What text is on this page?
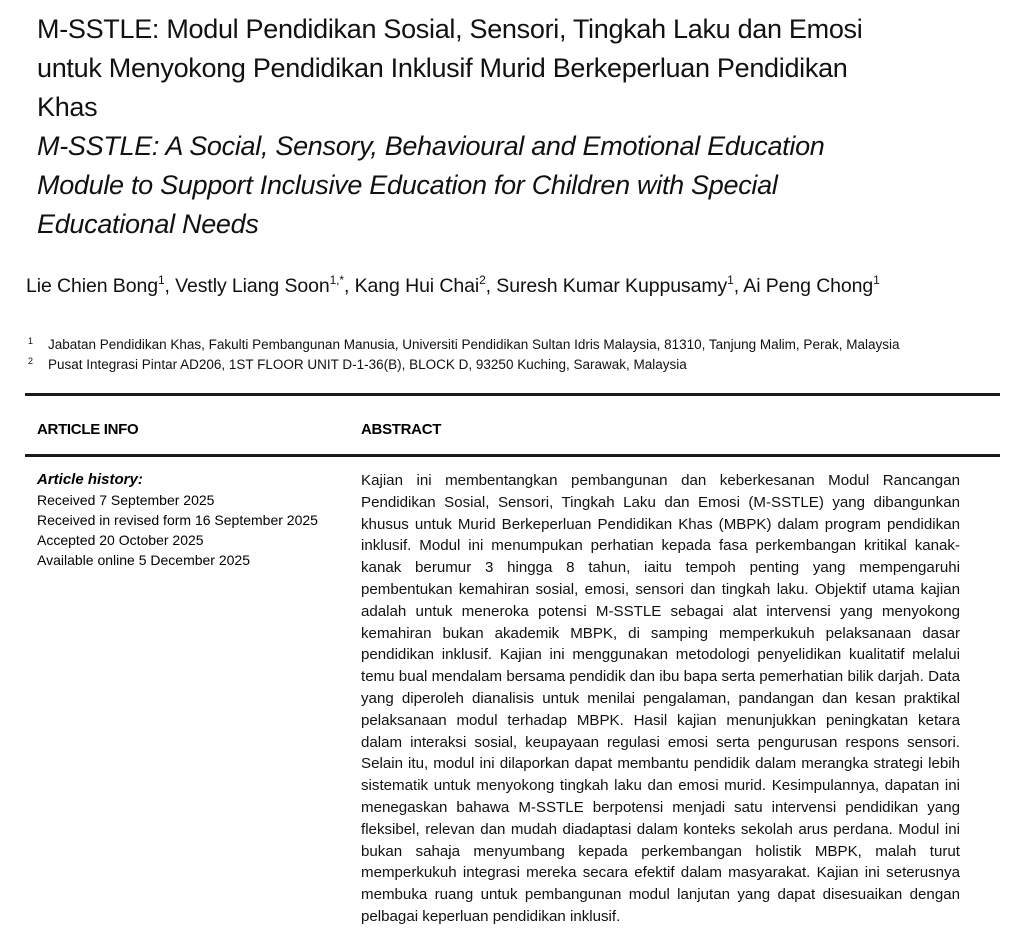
M-SSTLE: Modul Pendidikan Sosial, Sensori, Tingkah Laku dan Emosi
untuk Menyokong Pendidikan Inklusif Murid Berkeperluan Pendidikan
Khas
M-SSTLE: A Social, Sensory, Behavioural and Emotional Education
Module to Support Inclusive Education for Children with Special
Educational Needs
Lie Chien Bong$^1$, Vestly Liang Soon$^{1,*}$, Kang Hui Chai$^2$, Suresh Kumar Kuppusamy$^1$, Ai Peng Chong$^1$
1 Jabatan Pendidikan Khas, Fakulti Pembangunan Manusia, Universiti Pendidikan Sultan Idris Malaysia, 81310, Tanjung Malim, Perak, Malaysia
2 Pusat Integrasi Pintar AD206, 1ST FLOOR UNIT D-1-36(B), BLOCK D, 93250 Kuching, Sarawak, Malaysia
ARTICLE INFO	ABSTRACT
Article history:
Received 7 September 2025
Received in revised form 16 September 2025
Accepted 20 October 2025
Available online 5 December 2025
Kajian ini membentangkan pembangunan dan keberkesanan Modul Rancangan Pendidikan Sosial, Sensori, Tingkah Laku dan Emosi (M-SSTLE) yang dibangunkan khusus untuk Murid Berkeperluan Pendidikan Khas (MBPK) dalam program pendidikan inklusif. Modul ini menumpukan perhatian kepada fasa perkembangan kritikal kanak-kanak berumur 3 hingga 8 tahun, iaitu tempoh penting yang mempengaruhi pembentukan kemahiran sosial, emosi, sensori dan tingkah laku. Objektif utama kajian adalah untuk meneroka potensi M-SSTLE sebagai alat intervensi yang menyokong kemahiran bukan akademik MBPK, di samping memperkukuh pelaksanaan dasar pendidikan inklusif. Kajian ini menggunakan metodologi penyelidikan kualitatif melalui temu bual mendalam bersama pendidik dan ibu bapa serta pemerhatian bilik darjah. Data yang diperoleh dianalisis untuk menilai pengalaman, pandangan dan kesan praktikal pelaksanaan modul terhadap MBPK. Hasil kajian menunjukkan peningkatan ketara dalam interaksi sosial, keupayaan regulasi emosi serta pengurusan respons sensori. Selain itu, modul ini dilaporkan dapat membantu pendidik dalam merangka strategi lebih sistematik untuk menyokong tingkah laku dan emosi murid. Kesimpulannya, dapatan ini menegaskan bahawa M-SSTLE berpotensi menjadi satu intervensi pendidikan yang fleksibel, relevan dan mudah diadaptasi dalam konteks sekolah arus perdana. Modul ini bukan sahaja menyumbang kepada perkembangan holistik MBPK, malah turut memperkukuh integrasi mereka secara efektif dalam masyarakat. Kajian ini seterusnya membuka ruang untuk pembangunan modul lanjutan yang dapat disesuaikan dengan pelbagai keperluan pendidikan inklusif.
